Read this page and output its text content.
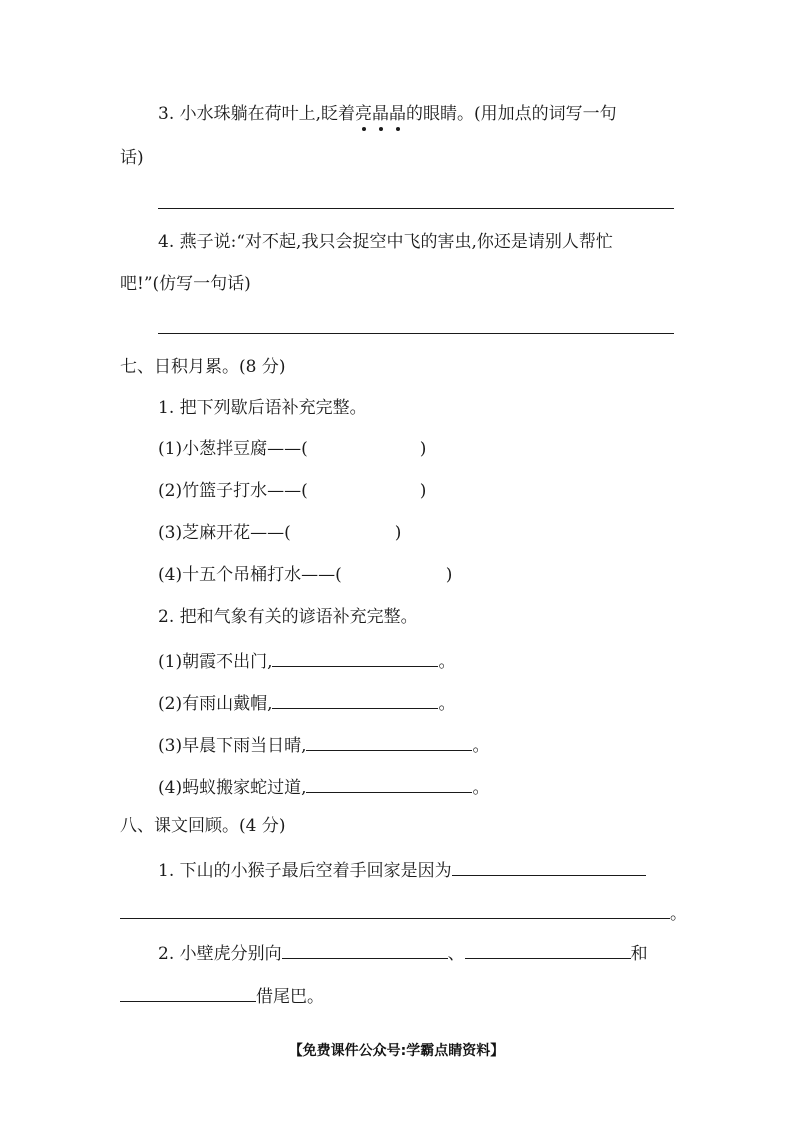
3. 小水珠躺在荷叶上,眨着亮晶晶的眼睛。(用加点的词写一句
话)
4. 燕子说:“对不起,我只会捉空中飞的害虫,你还是请别人帮忙
吧!”(仿写一句话)
七、日积月累。(8 分)
1. 把下列歇后语补充完整。
(1)小葱拌豆腐——(	)
(2)竹篮子打水——(	)
(3)芝麻开花——(	)
(4)十五个吊桶打水——(	)
2. 把和气象有关的谚语补充完整。
(1)朝霞不出门,	。
(2)有雨山戴帽,	。
(3)早晨下雨当日晴,	。
(4)蚂蚁搬家蛇过道,	。
八、课文回顾。(4 分)
1. 下山的小猴子最后空着手回家是因为
。
2. 小壁虎分别向	、	和
借尾巴。
【免费课件公众号:学霸点睛资料】
